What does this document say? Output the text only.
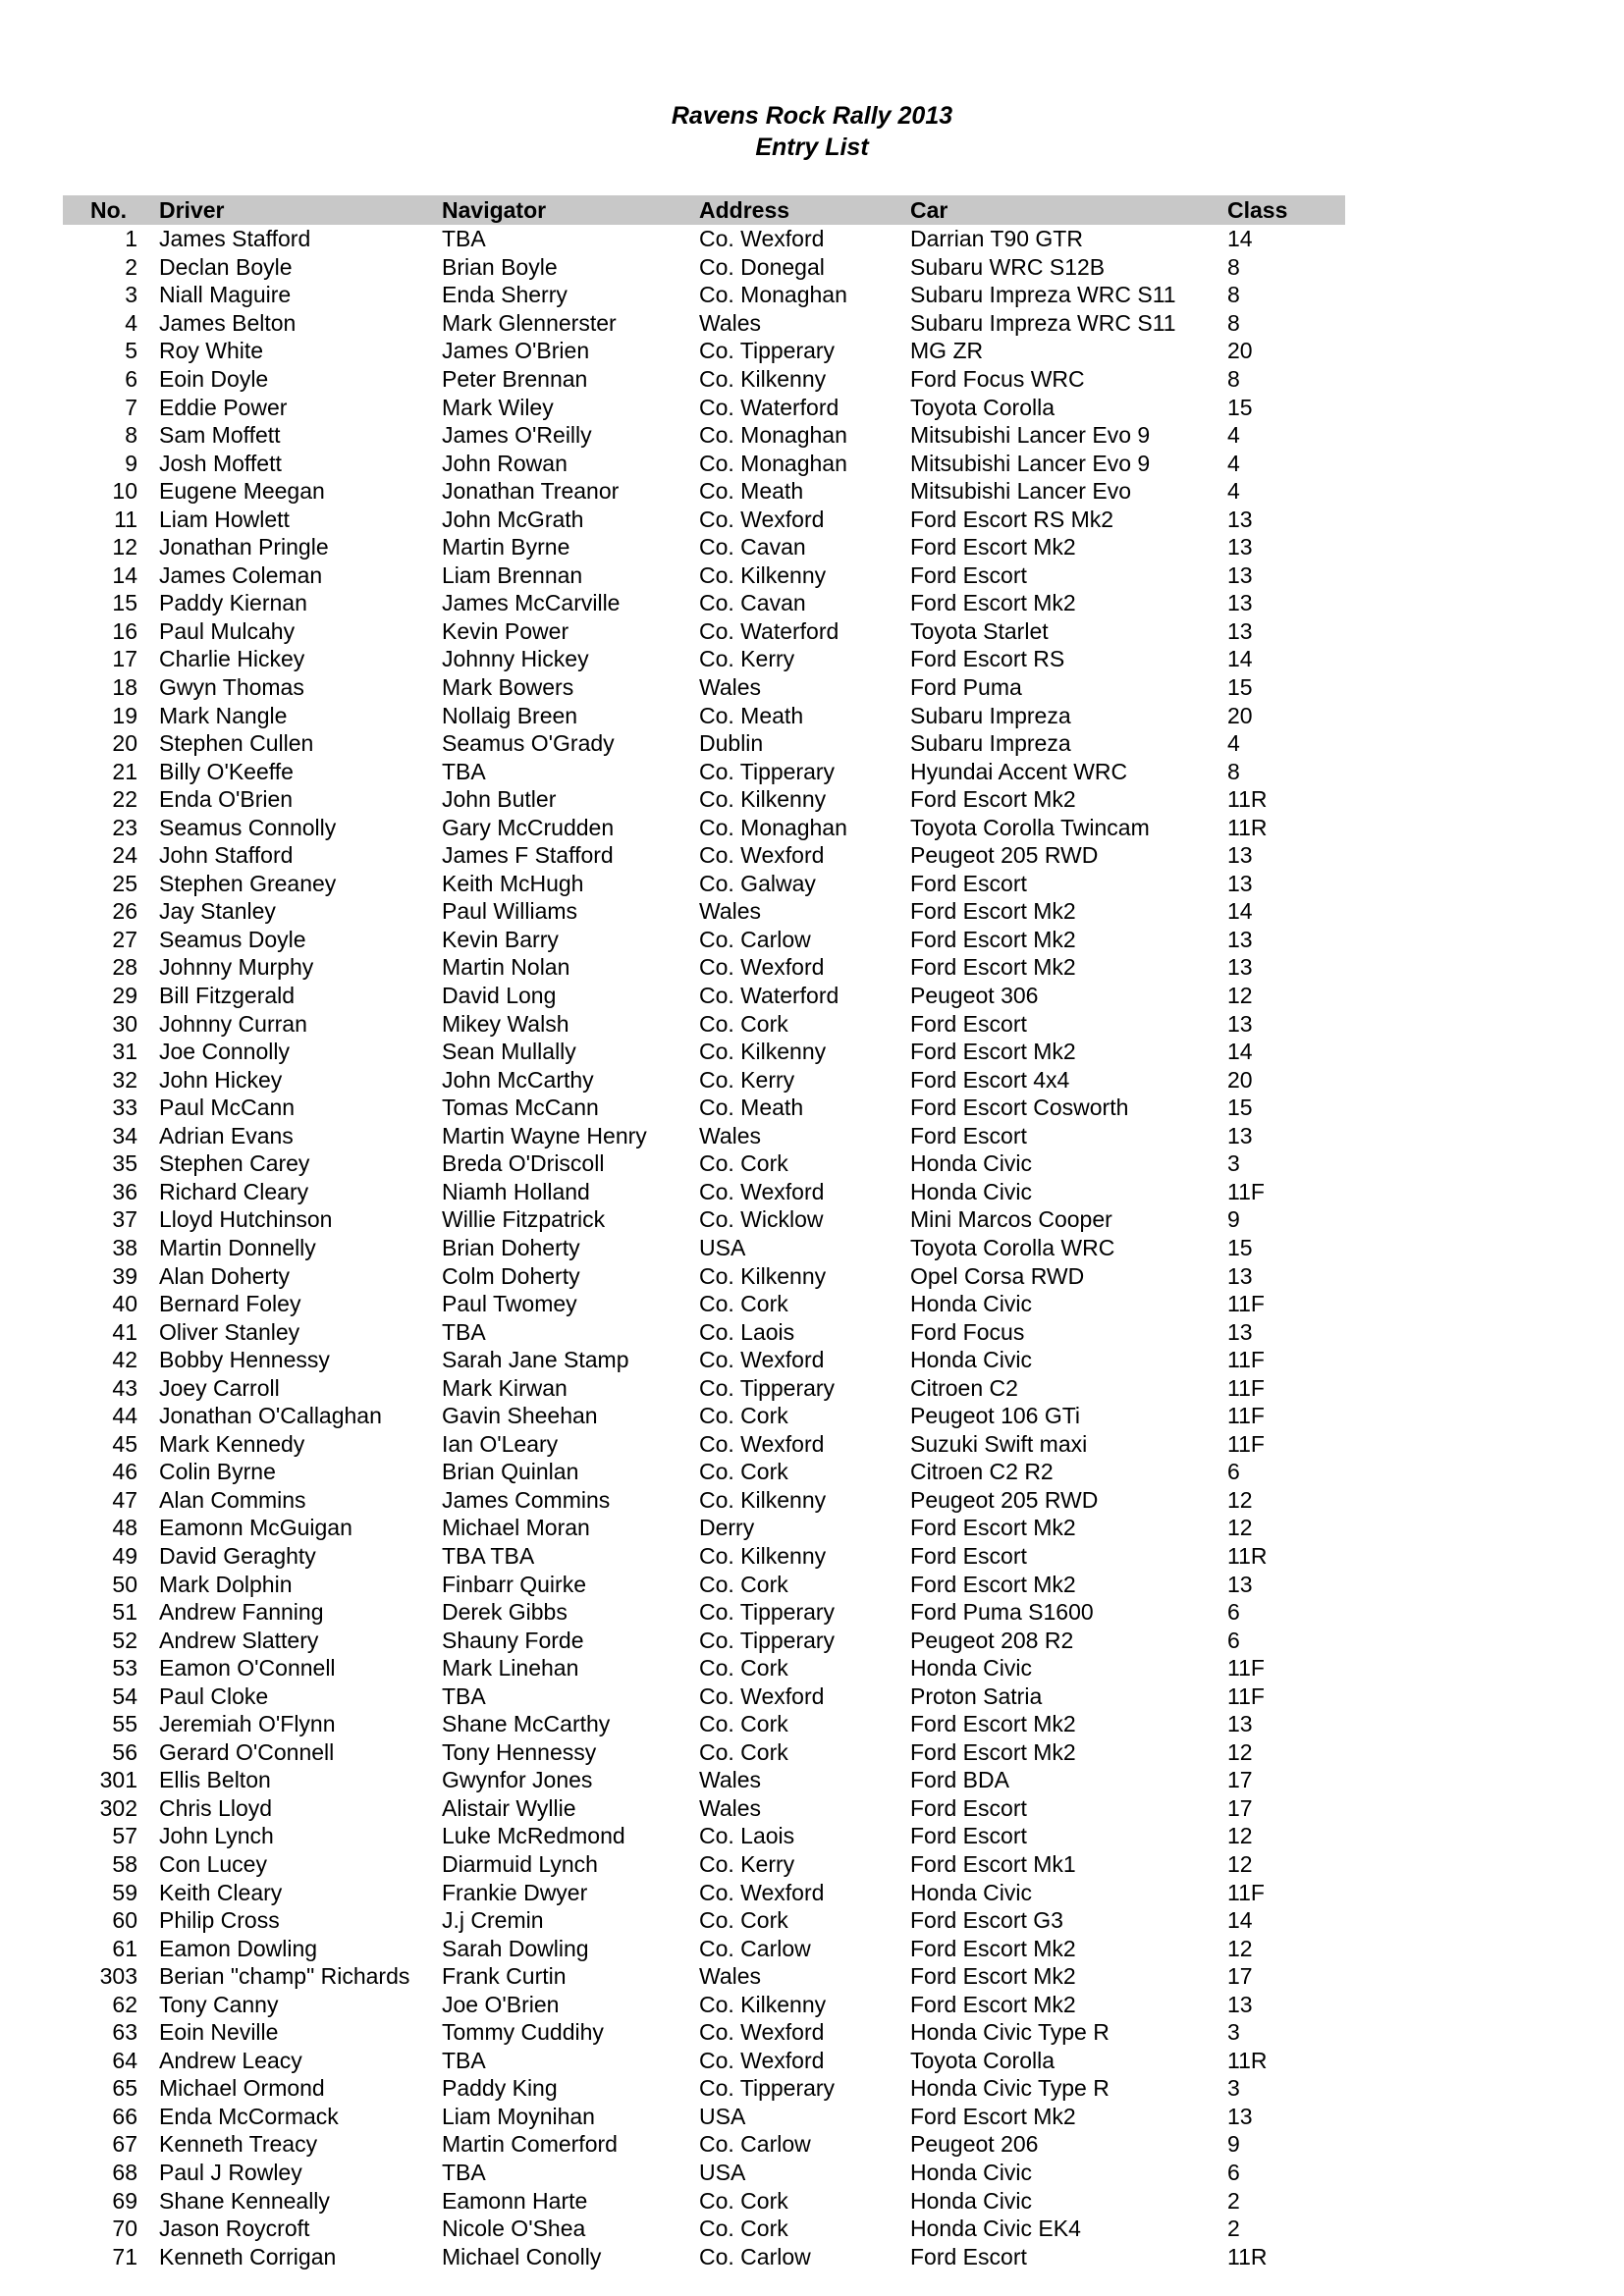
Ravens Rock Rally 2013
Entry List
No.	Driver	Navigator	Address	Car	Class
1	James Stafford	TBA	Co. Wexford	Darrian T90 GTR	14
2	Declan Boyle	Brian Boyle	Co. Donegal	Subaru WRC S12B	8
3	Niall Maguire	Enda Sherry	Co. Monaghan	Subaru Impreza WRC S11	8
4	James Belton	Mark Glennerster	Wales	Subaru Impreza WRC S11	8
5	Roy White	James O'Brien	Co. Tipperary	MG ZR	20
6	Eoin Doyle	Peter Brennan	Co. Kilkenny	Ford Focus WRC	8
7	Eddie Power	Mark Wiley	Co. Waterford	Toyota Corolla	15
8	Sam Moffett	James O'Reilly	Co. Monaghan	Mitsubishi Lancer Evo 9	4
9	Josh Moffett	John Rowan	Co. Monaghan	Mitsubishi Lancer Evo 9	4
10	Eugene Meegan	Jonathan Treanor	Co. Meath	Mitsubishi Lancer Evo	4
11	Liam Howlett	John McGrath	Co. Wexford	Ford Escort RS Mk2	13
12	Jonathan Pringle	Martin Byrne	Co. Cavan	Ford Escort Mk2	13
14	James Coleman	Liam Brennan	Co. Kilkenny	Ford Escort	13
15	Paddy Kiernan	James McCarville	Co. Cavan	Ford Escort Mk2	13
16	Paul Mulcahy	Kevin Power	Co. Waterford	Toyota Starlet	13
17	Charlie Hickey	Johnny Hickey	Co. Kerry	Ford Escort RS	14
18	Gwyn Thomas	Mark Bowers	Wales	Ford Puma	15
19	Mark Nangle	Nollaig Breen	Co. Meath	Subaru Impreza	20
20	Stephen Cullen	Seamus O'Grady	Dublin	Subaru Impreza	4
21	Billy O'Keeffe	TBA	Co. Tipperary	Hyundai Accent WRC	8
22	Enda O'Brien	John Butler	Co. Kilkenny	Ford Escort Mk2	11R
23	Seamus Connolly	Gary McCrudden	Co. Monaghan	Toyota Corolla Twincam	11R
24	John Stafford	James F Stafford	Co. Wexford	Peugeot 205 RWD	13
25	Stephen Greaney	Keith McHugh	Co. Galway	Ford Escort	13
26	Jay Stanley	Paul Williams	Wales	Ford Escort Mk2	14
27	Seamus Doyle	Kevin Barry	Co. Carlow	Ford Escort Mk2	13
28	Johnny Murphy	Martin Nolan	Co. Wexford	Ford Escort Mk2	13
29	Bill Fitzgerald	David Long	Co. Waterford	Peugeot 306	12
30	Johnny Curran	Mikey Walsh	Co. Cork	Ford Escort	13
31	Joe Connolly	Sean Mullally	Co. Kilkenny	Ford Escort Mk2	14
32	John Hickey	John McCarthy	Co. Kerry	Ford Escort 4x4	20
33	Paul McCann	Tomas McCann	Co. Meath	Ford Escort Cosworth	15
34	Adrian Evans	Martin Wayne Henry	Wales	Ford Escort	13
35	Stephen Carey	Breda O'Driscoll	Co. Cork	Honda Civic	3
36	Richard Cleary	Niamh Holland	Co. Wexford	Honda Civic	11F
37	Lloyd Hutchinson	Willie Fitzpatrick	Co. Wicklow	Mini Marcos Cooper	9
38	Martin Donnelly	Brian Doherty	USA	Toyota Corolla WRC	15
39	Alan Doherty	Colm Doherty	Co. Kilkenny	Opel Corsa RWD	13
40	Bernard Foley	Paul Twomey	Co. Cork	Honda Civic	11F
41	Oliver Stanley	TBA	Co. Laois	Ford Focus	13
42	Bobby Hennessy	Sarah Jane Stamp	Co. Wexford	Honda Civic	11F
43	Joey Carroll	Mark Kirwan	Co. Tipperary	Citroen C2	11F
44	Jonathan O'Callaghan	Gavin Sheehan	Co. Cork	Peugeot 106 GTi	11F
45	Mark Kennedy	Ian O'Leary	Co. Wexford	Suzuki Swift maxi	11F
46	Colin Byrne	Brian Quinlan	Co. Cork	Citroen C2 R2	6
47	Alan Commins	James Commins	Co. Kilkenny	Peugeot 205 RWD	12
48	Eamonn McGuigan	Michael Moran	Derry	Ford Escort Mk2	12
49	David Geraghty	TBA TBA	Co. Kilkenny	Ford Escort	11R
50	Mark Dolphin	Finbarr Quirke	Co. Cork	Ford Escort Mk2	13
51	Andrew Fanning	Derek Gibbs	Co. Tipperary	Ford Puma S1600	6
52	Andrew Slattery	Shauny Forde	Co. Tipperary	Peugeot 208 R2	6
53	Eamon O'Connell	Mark Linehan	Co. Cork	Honda Civic	11F
54	Paul Cloke	TBA	Co. Wexford	Proton Satria	11F
55	Jeremiah O'Flynn	Shane McCarthy	Co. Cork	Ford Escort Mk2	13
56	Gerard O'Connell	Tony Hennessy	Co. Cork	Ford Escort Mk2	12
301	Ellis Belton	Gwynfor Jones	Wales	Ford BDA	17
302	Chris Lloyd	Alistair Wyllie	Wales	Ford Escort	17
57	John Lynch	Luke McRedmond	Co. Laois	Ford Escort	12
58	Con Lucey	Diarmuid Lynch	Co. Kerry	Ford Escort Mk1	12
59	Keith Cleary	Frankie Dwyer	Co. Wexford	Honda Civic	11F
60	Philip Cross	J.j Cremin	Co. Cork	Ford Escort G3	14
61	Eamon Dowling	Sarah Dowling	Co. Carlow	Ford Escort Mk2	12
303	Berian "champ" Richards	Frank Curtin	Wales	Ford Escort Mk2	17
62	Tony Canny	Joe O'Brien	Co. Kilkenny	Ford Escort Mk2	13
63	Eoin Neville	Tommy Cuddihy	Co. Wexford	Honda Civic Type R	3
64	Andrew Leacy	TBA	Co. Wexford	Toyota Corolla	11R
65	Michael Ormond	Paddy King	Co. Tipperary	Honda Civic Type R	3
66	Enda McCormack	Liam Moynihan	USA	Ford Escort Mk2	13
67	Kenneth Treacy	Martin Comerford	Co. Carlow	Peugeot 206	9
68	Paul J Rowley	TBA	USA	Honda Civic	6
69	Shane Kenneally	Eamonn Harte	Co. Cork	Honda Civic	2
70	Jason Roycroft	Nicole O'Shea	Co. Cork	Honda Civic EK4	2
71	Kenneth Corrigan	Michael Conolly	Co. Carlow	Ford Escort	11R
